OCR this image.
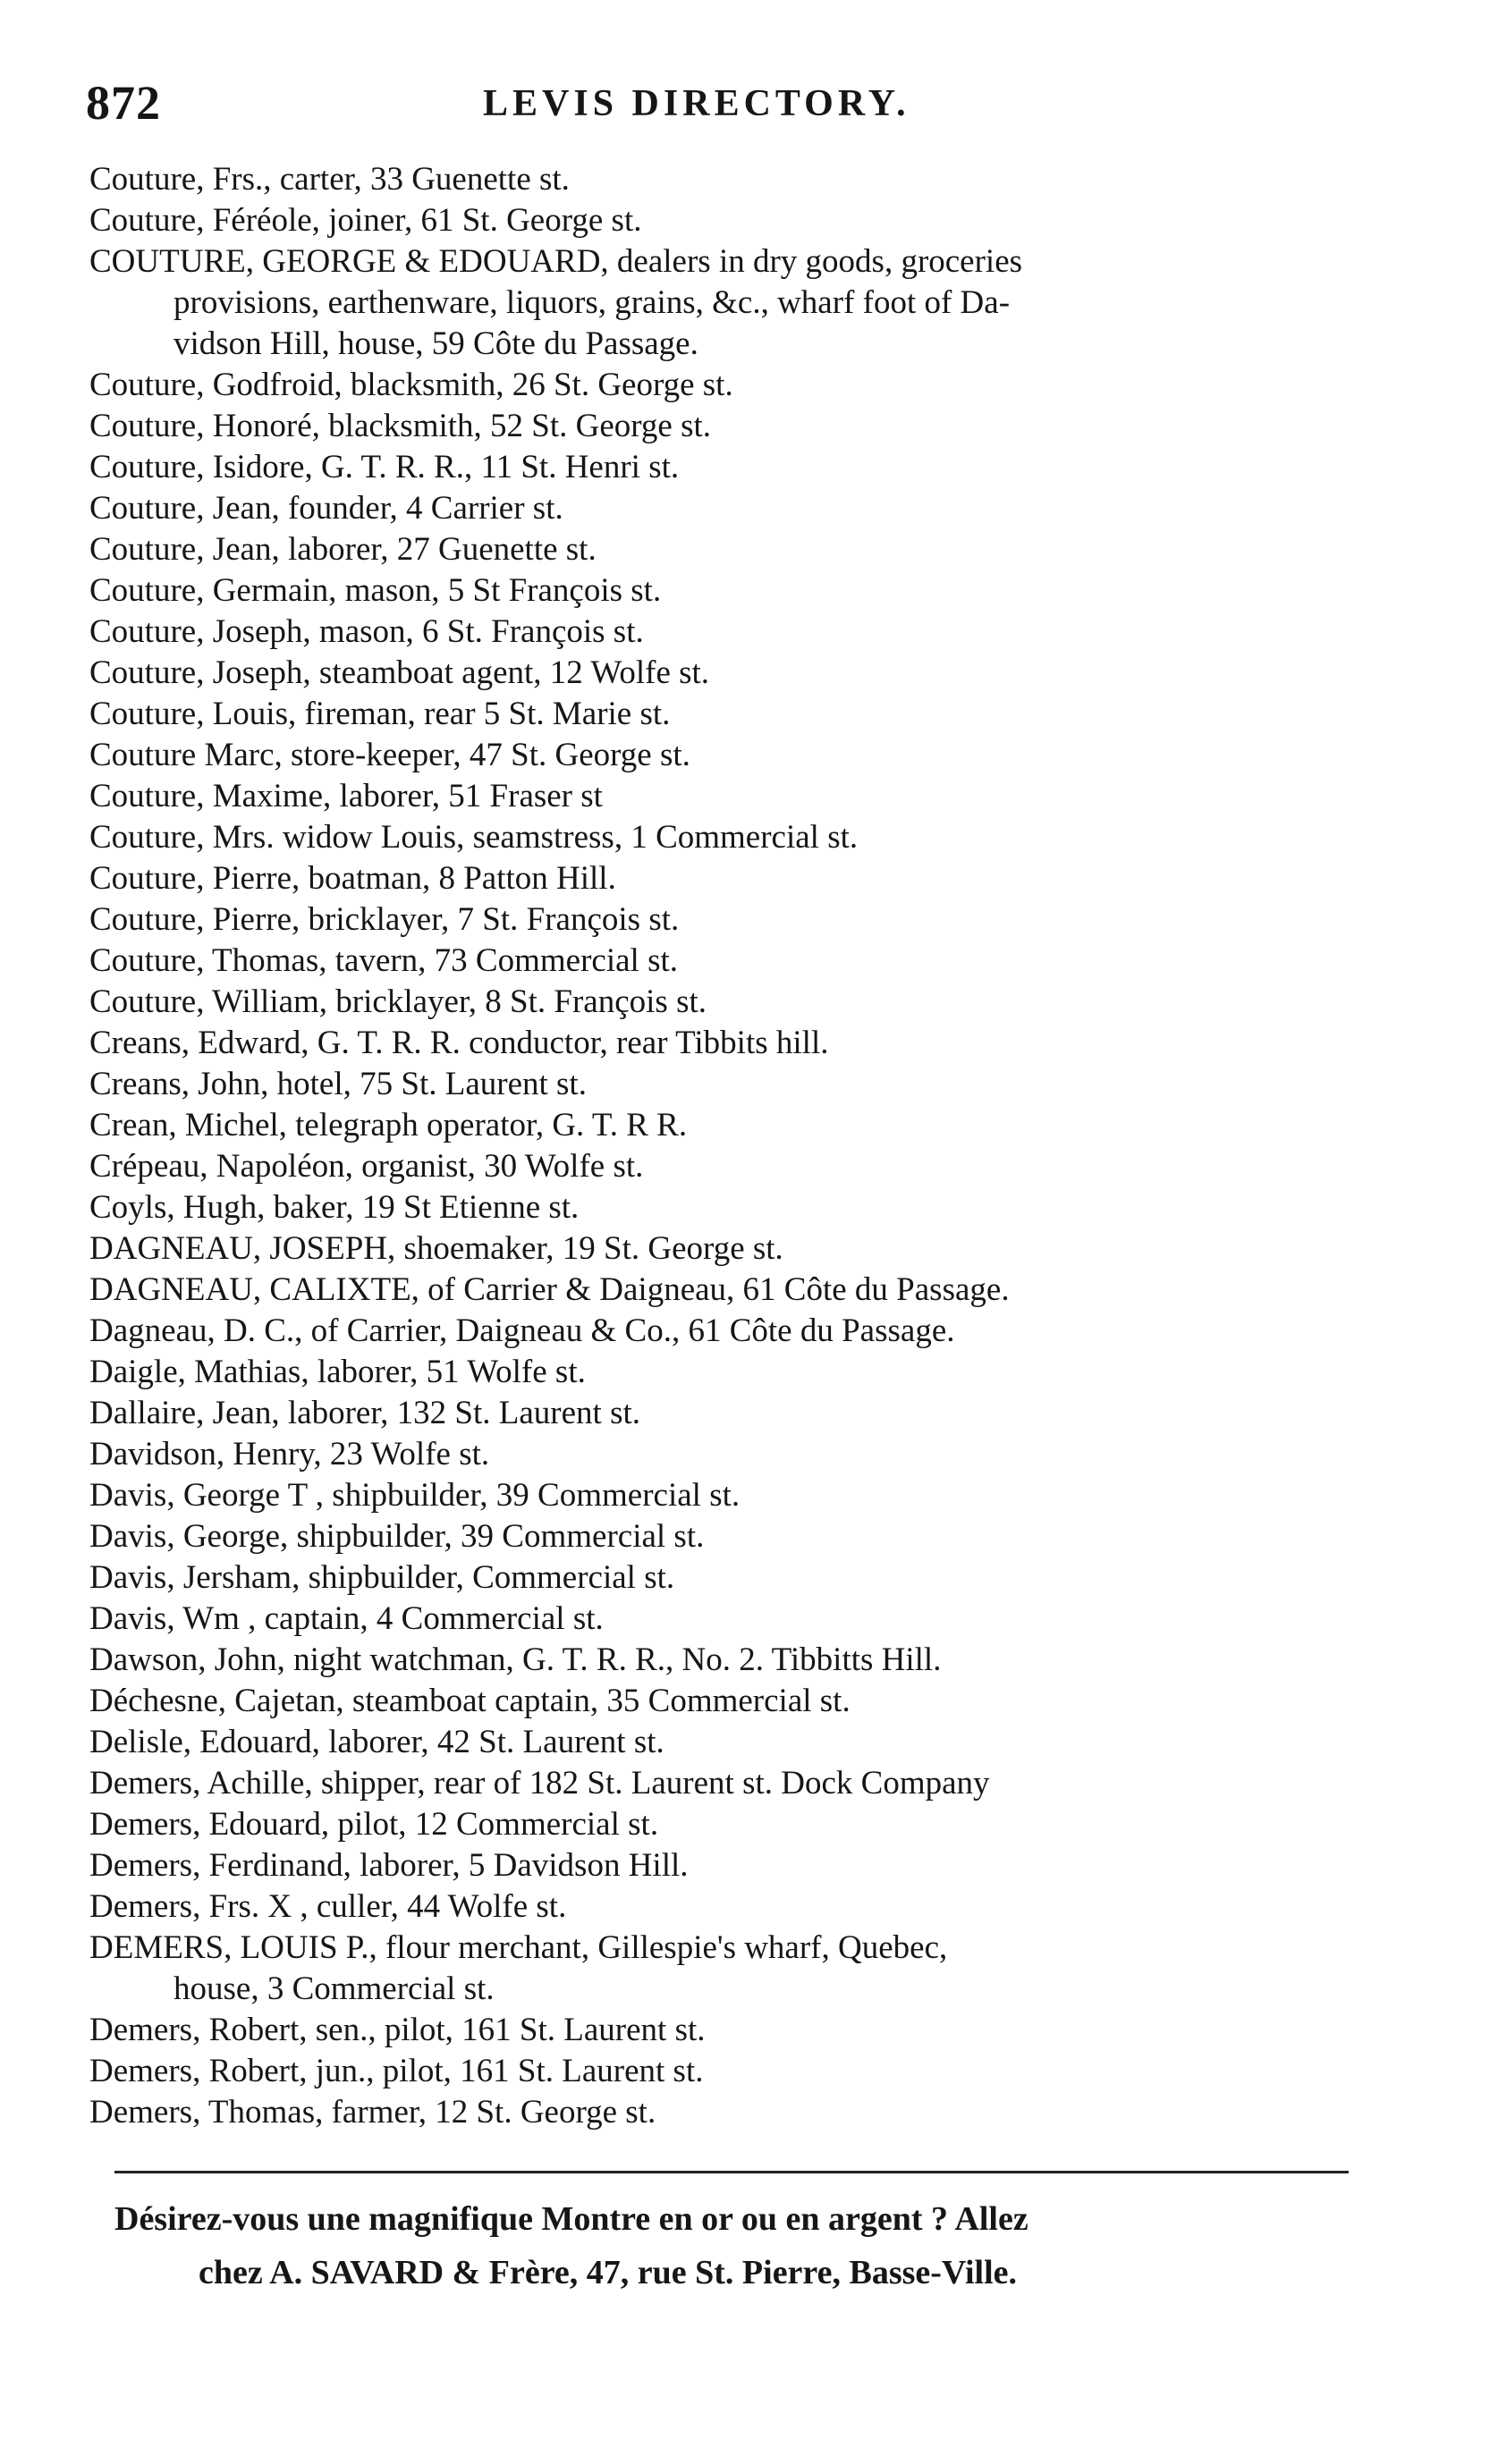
872	LEVIS DIRECTORY.
Couture, Frs., carter, 33 Guenette st.
Couture, Féréole, joiner, 61 St. George st.
COUTURE, GEORGE & EDOUARD, dealers in dry goods, groceries
provisions, earthenware, liquors, grains, &c., wharf foot of Da-
vidson Hill, house, 59 Côte du Passage.
Couture, Godfroid, blacksmith, 26 St. George st.
Couture, Honoré, blacksmith, 52 St. George st.
Couture, Isidore, G. T. R. R., 11 St. Henri st.
Couture, Jean, founder, 4 Carrier st.
Couture, Jean, laborer, 27 Guenette st.
Couture, Germain, mason, 5 St François st.
Couture, Joseph, mason, 6 St. François st.
Couture, Joseph, steamboat agent, 12 Wolfe st.
Couture, Louis, fireman, rear 5 St. Marie st.
Couture Marc, store-keeper, 47 St. George st.
Couture, Maxime, laborer, 51 Fraser st
Couture, Mrs. widow Louis, seamstress, 1 Commercial st.
Couture, Pierre, boatman, 8 Patton Hill.
Couture, Pierre, bricklayer, 7 St. François st.
Couture, Thomas, tavern, 73 Commercial st.
Couture, William, bricklayer, 8 St. François st.
Creans, Edward, G. T. R. R. conductor, rear Tibbits hill.
Creans, John, hotel, 75 St. Laurent st.
Crean, Michel, telegraph operator, G. T. R R.
Crépeau, Napoléon, organist, 30 Wolfe st.
Coyls, Hugh, baker, 19 St Etienne st.
DAGNEAU, JOSEPH, shoemaker, 19 St. George st.
DAGNEAU, CALIXTE, of Carrier & Daigneau, 61 Côte du Passage.
Dagneau, D. C., of Carrier, Daigneau & Co., 61 Côte du Passage.
Daigle, Mathias, laborer, 51 Wolfe st.
Dallaire, Jean, laborer, 132 St. Laurent st.
Davidson, Henry, 23 Wolfe st.
Davis, George T , shipbuilder, 39 Commercial st.
Davis, George, shipbuilder, 39 Commercial st.
Davis, Jersham, shipbuilder, Commercial st.
Davis, Wm , captain, 4 Commercial st.
Dawson, John, night watchman, G. T. R. R., No. 2. Tibbitts Hill.
Déchesne, Cajetan, steamboat captain, 35 Commercial st.
Delisle, Edouard, laborer, 42 St. Laurent st.
Demers, Achille, shipper, rear of 182 St. Laurent st. Dock Company
Demers, Edouard, pilot, 12 Commercial st.
Demers, Ferdinand, laborer, 5 Davidson Hill.
Demers, Frs. X , culler, 44 Wolfe st.
DEMERS, LOUIS P., flour merchant, Gillespie's wharf, Quebec,
house, 3 Commercial st.
Demers, Robert, sen., pilot, 161 St. Laurent st.
Demers, Robert, jun., pilot, 161 St. Laurent st.
Demers, Thomas, farmer, 12 St. George st.
Désirez-vous une magnifique Montre en or ou en argent ? Allez
chez A. SAVARD & Frère, 47, rue St. Pierre, Basse-Ville.
